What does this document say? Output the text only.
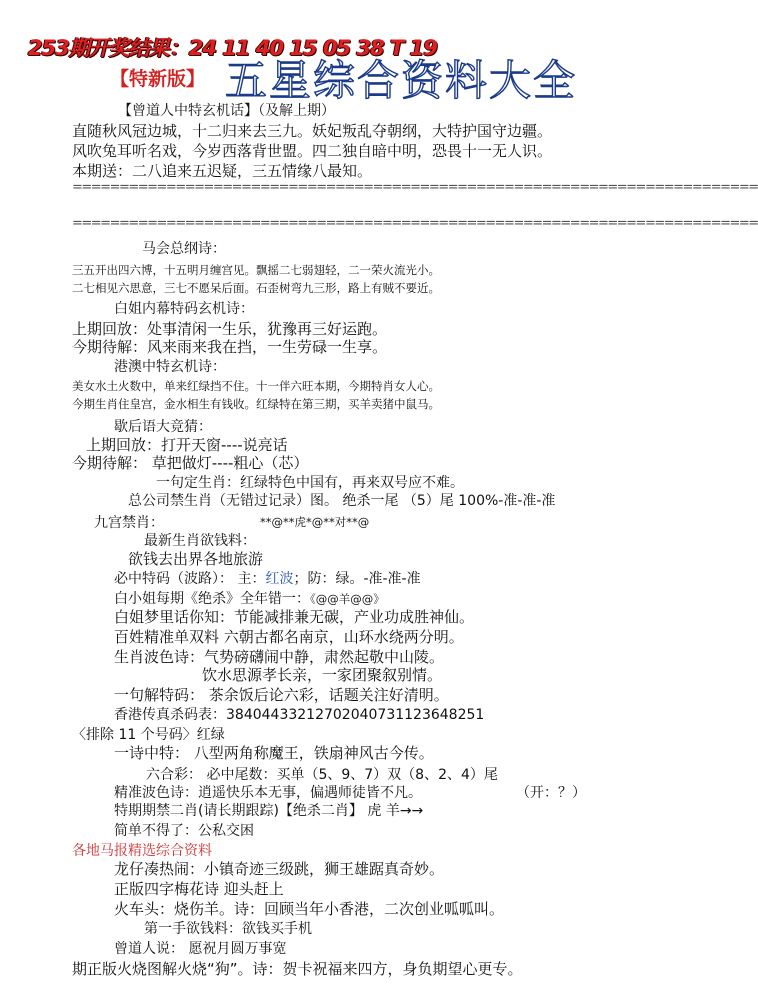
253期开奖结果：24 11 40 15 05 38 T 19
【特新版】 五星综合资料大全
【曾道人中特玄机话】（及解上期）
直随秋风冠边城，十二归来去三九。妖妃叛乱夺朝纲，大特护国守边疆。
风吹兔耳听名戏，今岁西落背世盟。四二独自暗中明，恐畏十一无人识。
本期送：二八追来五迟疑，三五情缘八最知。
=========================================================================
=========================================================================
马会总纲诗：
三五开出四六博，十五明月缠宫见。飘摇二七弱翅轻，二一荣火流光小。
二七相见六思意，三七不愿呆后面。石歪树弯九三形，路上有贼不要近。
白姐内幕特码玄机诗：
上期回放：处事清闲一生乐，犹豫再三好运跑。
今期待解：风来雨来我在挡，一生劳碌一生享。
港澳中特玄机诗：
美女水土火数中，单来红绿挡不住。十一伴六旺本期，今期特肖女人心。
今期生肖住皇宫，金水相生有钱收。红绿特在第三期，买羊卖猪中鼠马。
歇后语大竞猜：
上期回放：打开天窗----说亮话
今期待解： 草把做灯----粗心（芯）
一句定生肖：红绿特色中国有，再来双号应不难。
总公司禁生肖（无错过记录）图。 绝杀一尾 （5）尾 100%-准-准-准
九宫禁肖：	**@**虎*@**对**@
最新生肖欲钱料：
欲钱去出界各地旅游
必中特码（波路）： 主：红波；防：绿。-准-准-准
白小姐每期《绝杀》全年错一：《@@羊@@》
白姐梦里话你知：节能减排兼无碳，产业功成胜神仙。
百姓精准单双料 六朝古都名南京，山环水绕两分明。
生肖波色诗：气势磅礴闹中静，肃然起敬中山陵。
饮水思源孝长亲，一家团聚叙别情。
一句解特码： 茶余饭后论六彩，话题关注好清明。
香港传真杀码表：38404433212702040731123648251
〈排除 11 个号码〉红绿
一诗中特： 八型两角称魔王，铁扇神风古今传。
六合彩： 必中尾数：买单（5、9、7）双（8、2、4）尾
精准波色诗：逍遥快乐本无事，偏遇师徒皆不凡。	（开：？）
特期期禁二肖(请长期跟踪)【绝杀二肖】 虎 羊→→
简单不得了：公私交困
各地马报精选综合资料
龙仔凑热闹：小镇奇迹三级跳，狮王雄踞真奇妙。
正版四字梅花诗 迎头赶上
火车头：烧伤羊。诗：回顾当年小香港，二次创业呱呱叫。
第一手欲钱料：欲钱买手机
曾道人说： 愿祝月圆万事宽
期正版火烧图解火烧“狗”。诗：贺卡祝福来四方，身负期望心更专。
